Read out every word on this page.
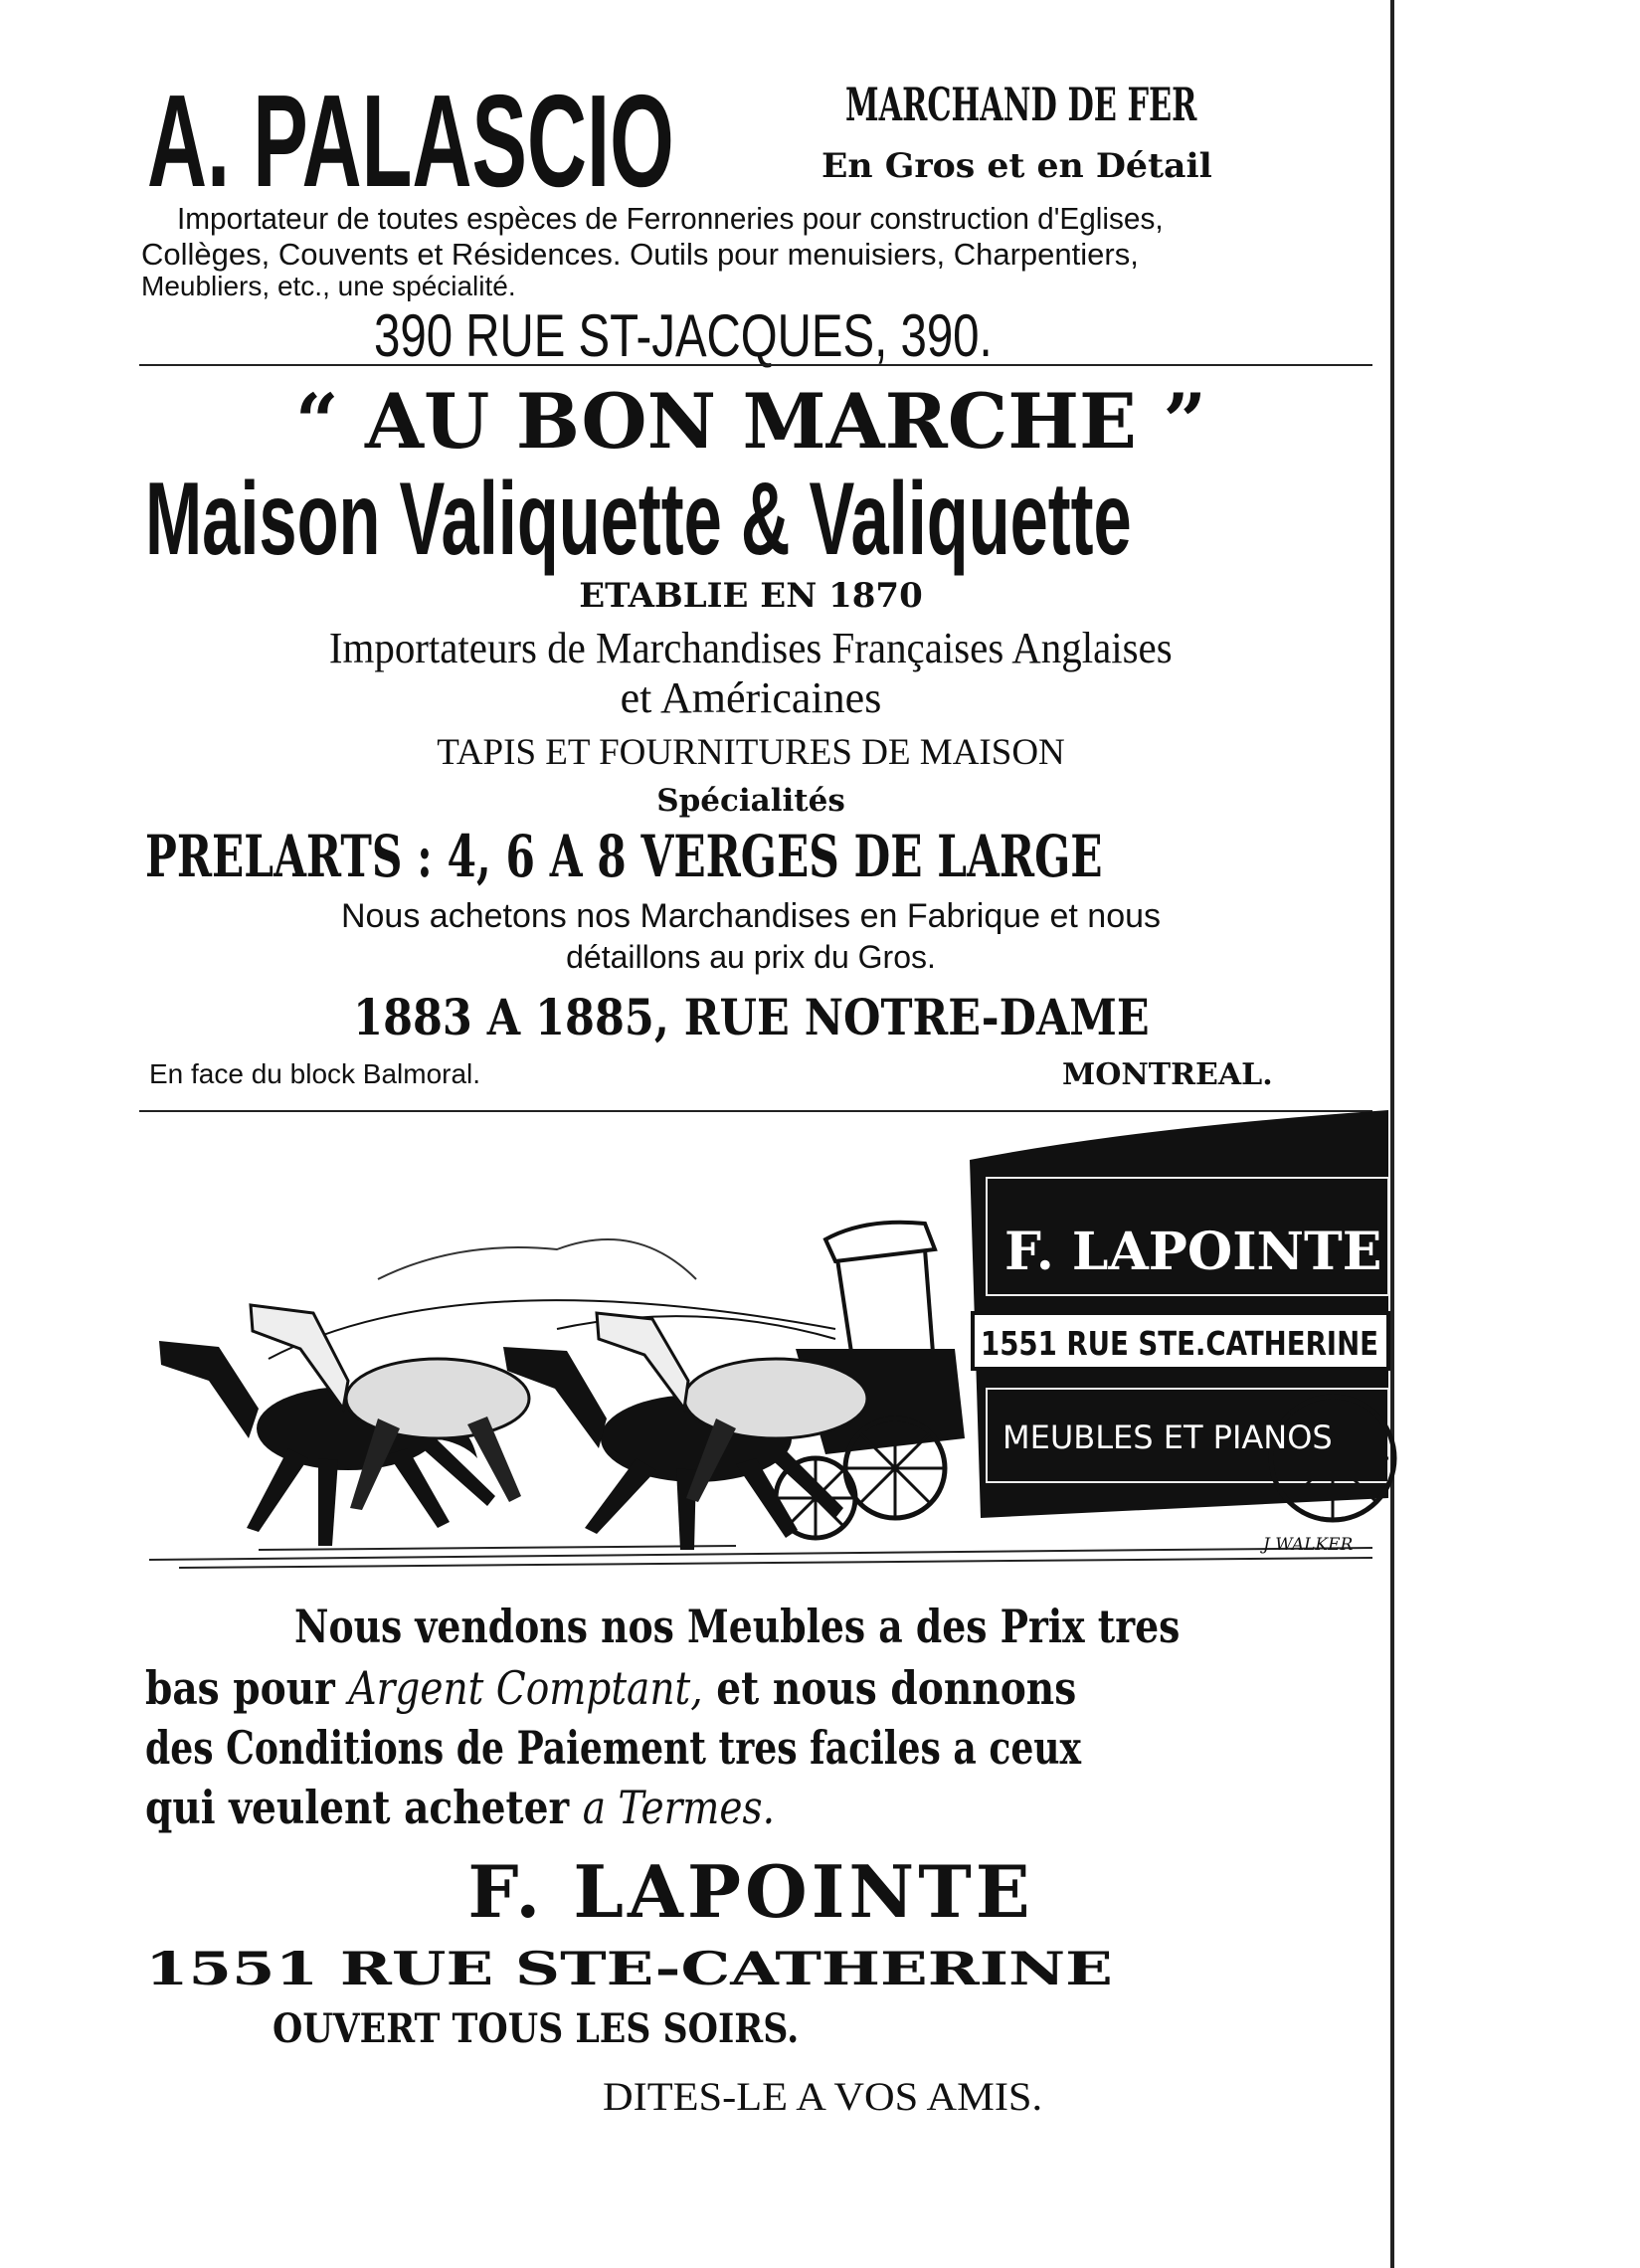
A. PALASCIO	MARCHAND DE FER
En Gros et en Détail
Importateur de toutes espèces de Ferronneries pour construction d'Eglises,
Collèges, Couvents et Résidences. Outils pour menuisiers, Charpentiers,
Meubliers, etc., une spécialité.
390 RUE ST-JACQUES, 390.
“ AU BON MARCHE ”
Maison Valiquette & Valiquette
ETABLIE EN 1870
Importateurs de Marchandises Françaises Anglaises
et Américaines
TAPIS ET FOURNITURES DE MAISON
Spécialités
PRELARTS : 4, 6 A 8 VERGES DE LARGE
Nous achetons nos Marchandises en Fabrique et nous
détaillons au prix du Gros.
1883 A 1885, RUE NOTRE-DAME
En face du block Balmoral.	MONTREAL.
F. LAPOINTE
1551 RUE STE.CATHERINE
MEUBLES ET PIANOS
J WALKER
Nous vendons nos Meubles a des Prix tres
bas pour Argent Comptant, et nous donnons
des Conditions de Paiement tres faciles a ceux
qui veulent acheter a Termes.
F. LAPOINTE
1551 RUE STE-CATHERINE
OUVERT TOUS LES SOIRS.
DITES-LE A VOS AMIS.
